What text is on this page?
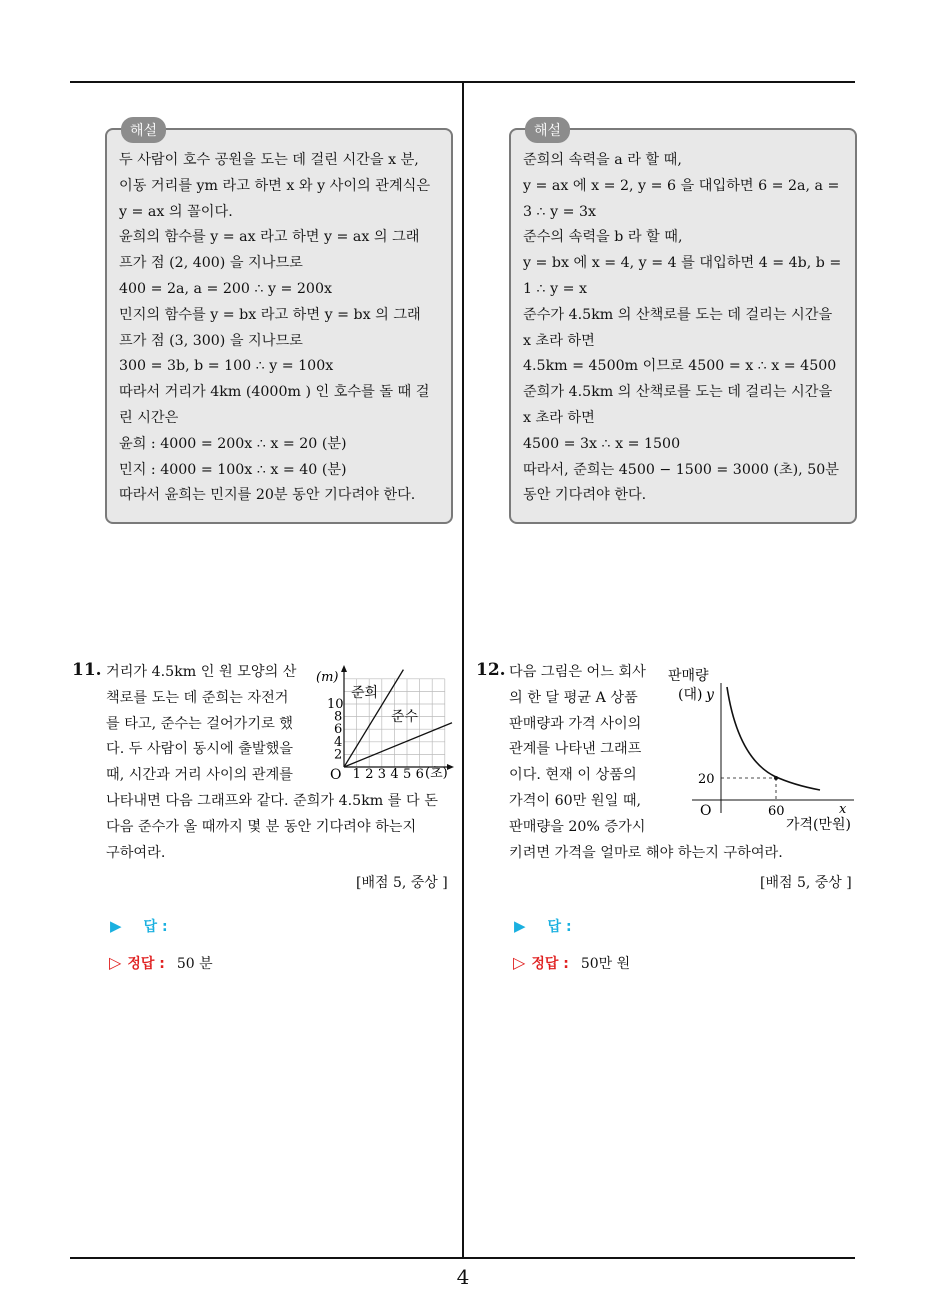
해설
두 사람이 호수 공원을 도는 데 걸린 시간을 x 분,
이동 거리를 ym 라고 하면 x 와 y 사이의 관계식은
y = ax 의 꼴이다.
윤희의 함수를 y = ax 라고 하면 y = ax 의 그래
프가 점 (2, 400) 을 지나므로
400 = 2a, a = 200 ∴ y = 200x
민지의 함수를 y = bx 라고 하면 y = bx 의 그래
프가 점 (3, 300) 을 지나므로
300 = 3b, b = 100 ∴ y = 100x
따라서 거리가 4km (4000m ) 인 호수를 돌 때 걸
린 시간은
윤희 : 4000 = 200x ∴ x = 20 (분)
민지 : 4000 = 100x ∴ x = 40 (분)
따라서 윤희는 민지를 20분 동안 기다려야 한다.
해설
준희의 속력을 a 라 할 때,
y = ax 에 x = 2, y = 6 을 대입하면 6 = 2a, a =
3 ∴ y = 3x
준수의 속력을 b 라 할 때,
y = bx 에 x = 4, y = 4 를 대입하면 4 = 4b, b =
1 ∴ y = x
준수가 4.5km 의 산책로를 도는 데 걸리는 시간을
x 초라 하면
4.5km = 4500m 이므로 4500 = x ∴ x = 4500
준희가 4.5km 의 산책로를 도는 데 걸리는 시간을
x 초라 하면
4500 = 3x ∴ x = 1500
따라서, 준희는 4500 − 1500 = 3000 (초), 50분
동안 기다려야 한다.
11. 거리가 4.5km 인 원 모양의 산
책로를 도는 데 준희는 자전거
를 타고, 준수는 걸어가기로 했
다. 두 사람이 동시에 출발했을
때, 시간과 거리 사이의 관계를
나타내면 다음 그래프와 같다. 준희가 4.5km 를 다 돈
다음 준수가 올 때까지 몇 분 동안 기다려야 하는지
구하여라.
(m)
O
2
4
6
8
10
1 2 3 4 5 6 (초)
준희
준수
[배점 5, 중상 ]
▶ 답 :
▷ 정답 : 50 분
12. 다음 그림은 어느 회사
의 한 달 평균 A 상품
판매량과 가격 사이의
관계를 나타낸 그래프
이다. 현재 이 상품의
가격이 60만 원일 때,
판매량을 20% 증가시
키려면 가격을 얼마로 해야 하는지 구하여라.
판매량
(대) y
20
O	60	x
가격(만원)
[배점 5, 중상 ]
▶ 답 :
▷ 정답 : 50만 원
4
